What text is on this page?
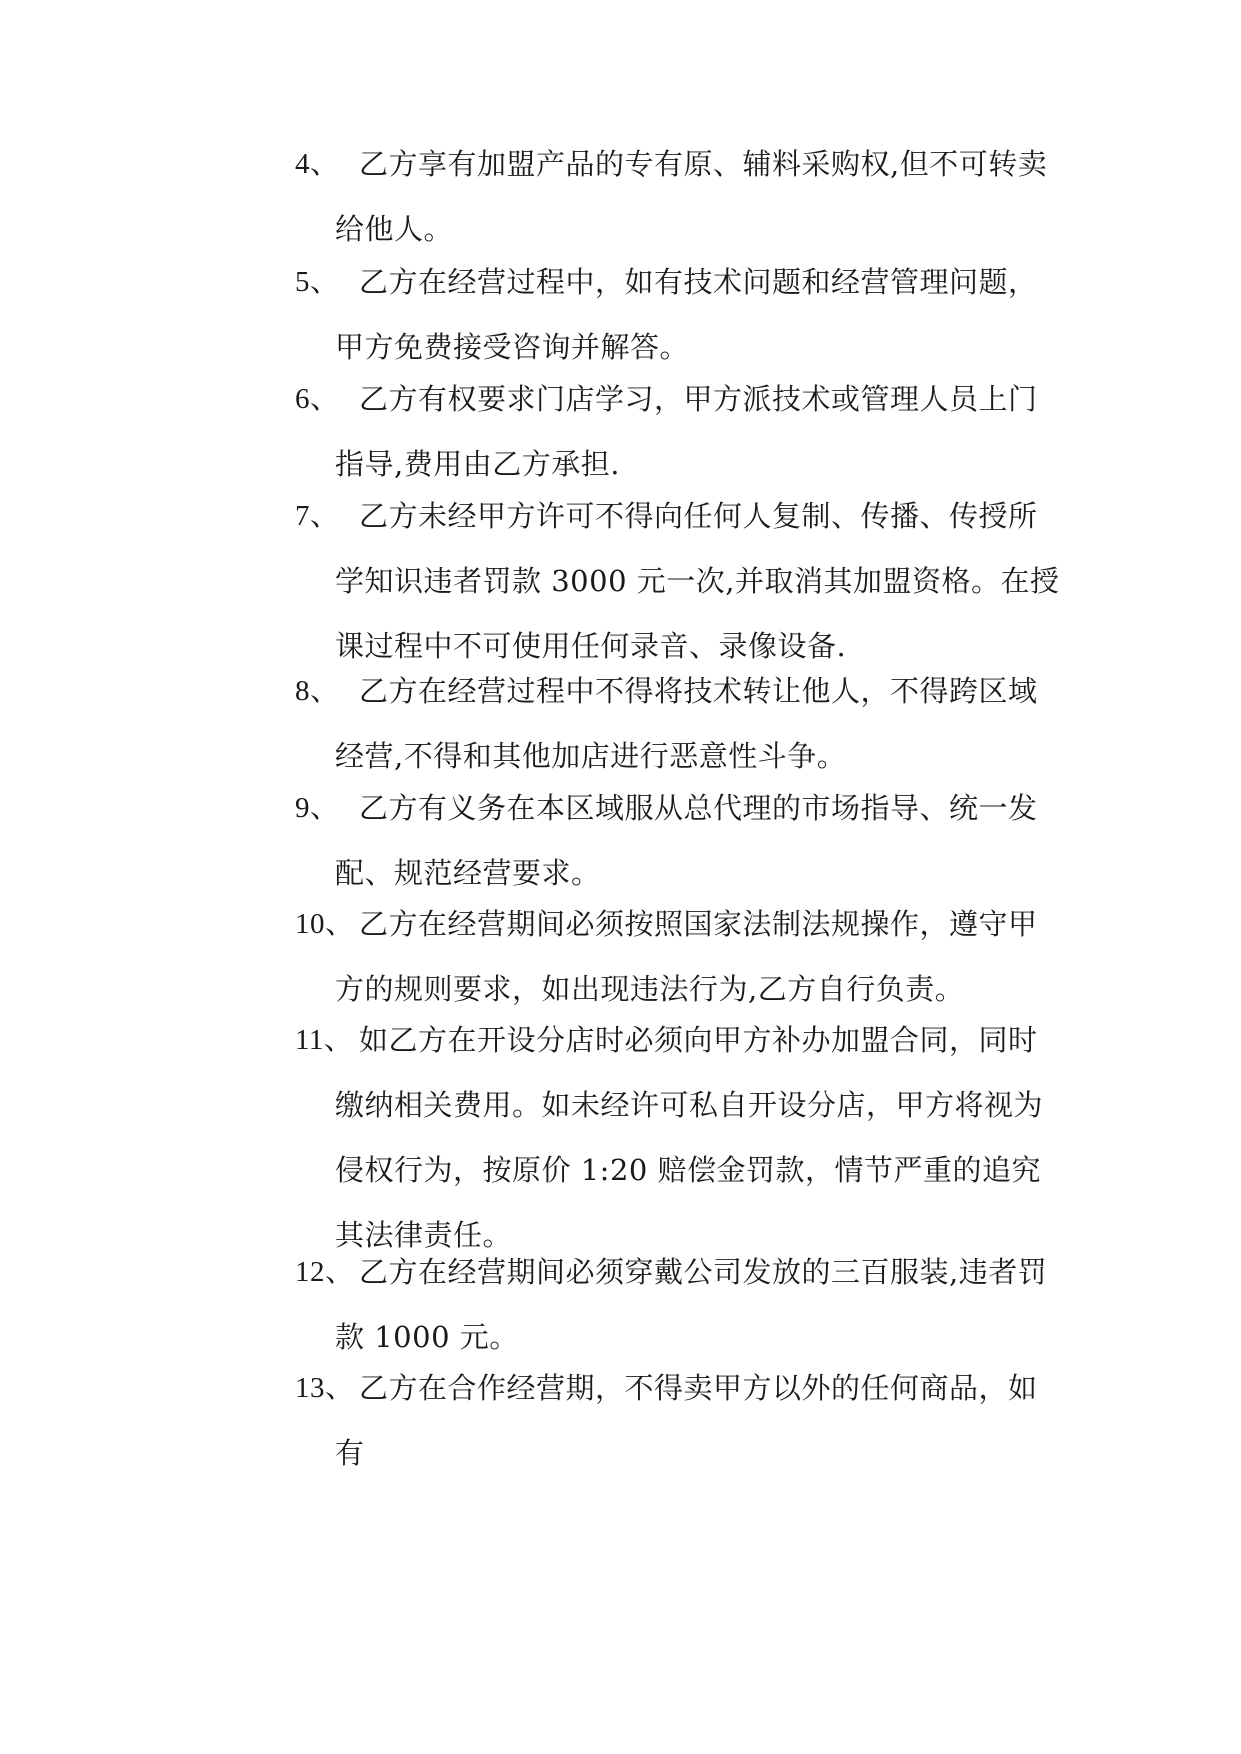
4、 乙方享有加盟产品的专有原、辅料采购权,但不可转卖给他人。
5、 乙方在经营过程中，如有技术问题和经营管理问题，甲方免费接受咨询并解答。
6、 乙方有权要求门店学习，甲方派技术或管理人员上门指导,费用由乙方承担.
7、 乙方未经甲方许可不得向任何人复制、传播、传授所学知识违者罚款 3000 元一次,并取消其加盟资格。在授课过程中不可使用任何录音、录像设备.
8、 乙方在经营过程中不得将技术转让他人，不得跨区域经营,不得和其他加店进行恶意性斗争。
9、 乙方有义务在本区域服从总代理的市场指导、统一发配、规范经营要求。
10、 乙方在经营期间必须按照国家法制法规操作，遵守甲方的规则要求，如出现违法行为,乙方自行负责。
11、 如乙方在开设分店时必须向甲方补办加盟合同，同时缴纳相关费用。如未经许可私自开设分店，甲方将视为侵权行为，按原价 1:20 赔偿金罚款，情节严重的追究其法律责任。
12、 乙方在经营期间必须穿戴公司发放的三百服装,违者罚款 1000 元。
13、 乙方在合作经营期，不得卖甲方以外的任何商品，如有
